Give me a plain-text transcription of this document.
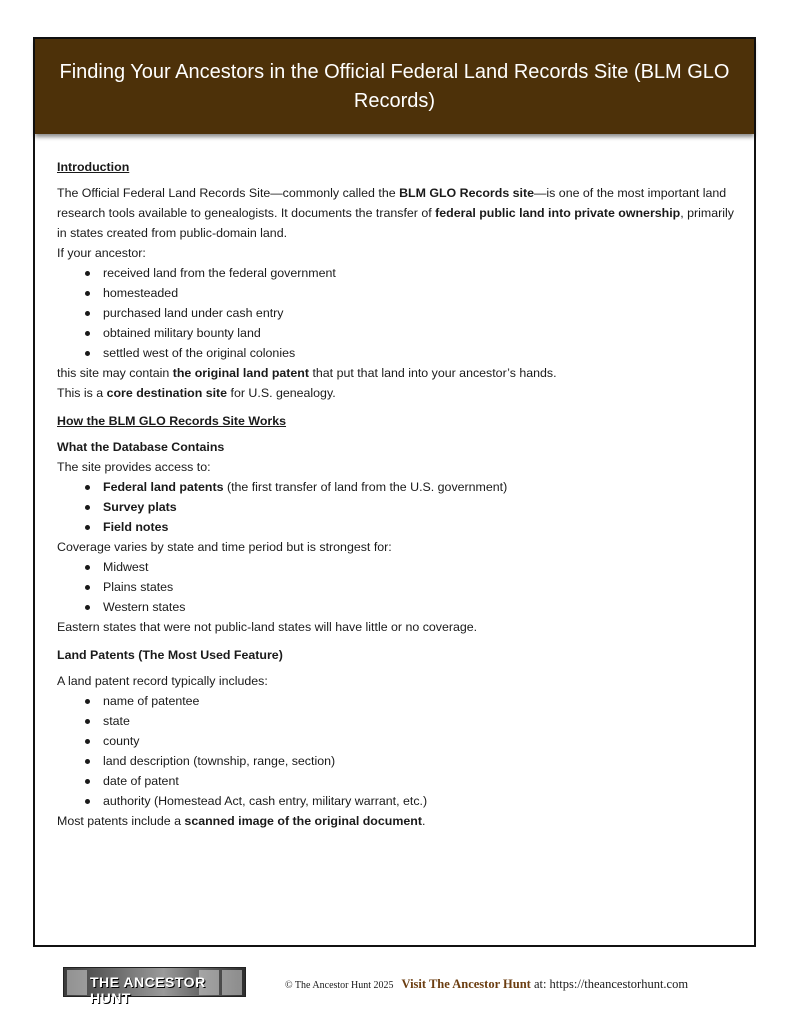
Finding Your Ancestors in the Official Federal Land Records Site (BLM GLO Records)

Introduction

The Official Federal Land Records Site—commonly called the BLM GLO Records site—is one of the most important land research tools available to genealogists. It documents the transfer of federal public land into private ownership, primarily in states created from public-domain land.

If your ancestor:

received land from the federal government
homesteaded
purchased land under cash entry
obtained military bounty land
settled west of the original colonies

this site may contain the original land patent that put that land into your ancestor’s hands.

This is a core destination site for U.S. genealogy.

How the BLM GLO Records Site Works

What the Database Contains

The site provides access to:

Federal land patents (the first transfer of land from the U.S. government)
Survey plats
Field notes

Coverage varies by state and time period but is strongest for:

Midwest
Plains states
Western states

Eastern states that were not public-land states will have little or no coverage.

Land Patents (The Most Used Feature)

A land patent record typically includes:

name of patentee
state
county
land description (township, range, section)
date of patent
authority (Homestead Act, cash entry, military warrant, etc.)

Most patents include a scanned image of the original document.

THE ANCESTOR HUNT
© The Ancestor Hunt 2025 Visit The Ancestor Hunt at: https://theancestorhunt.com
